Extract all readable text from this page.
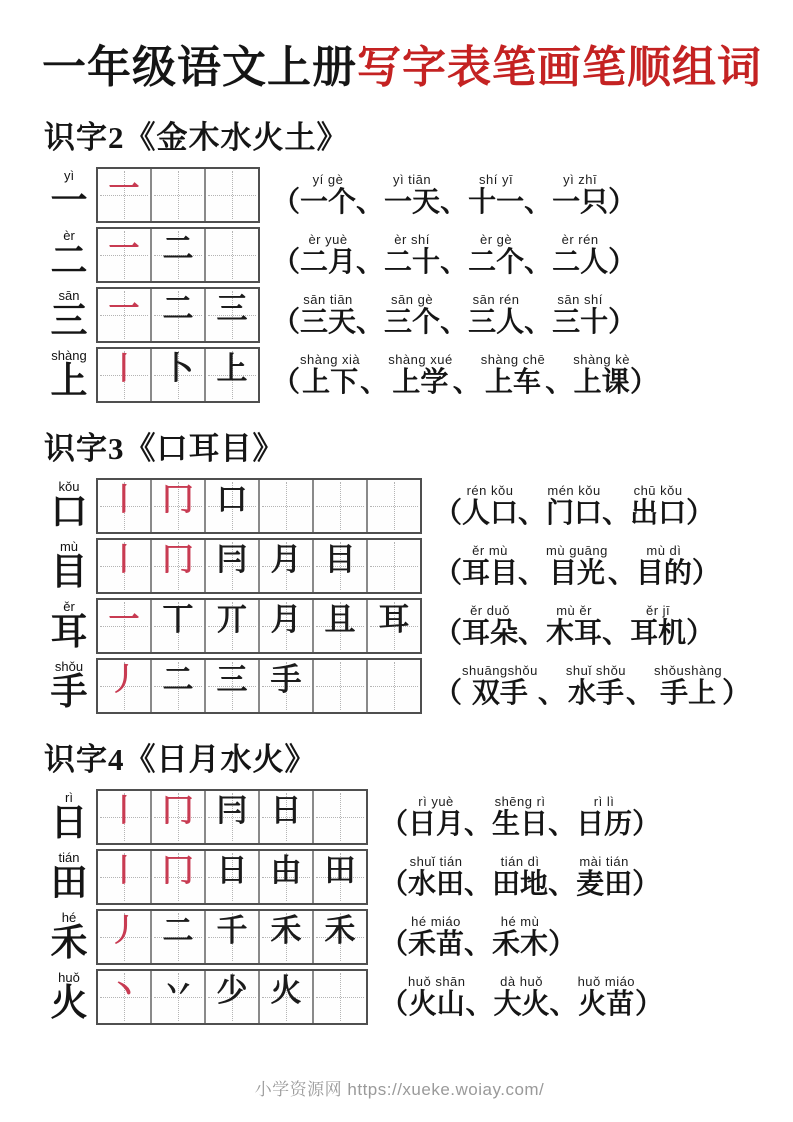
一年级语文上册写字表笔画笔顺组词
识字2《金木水火土》
yì
一 一	（
yí gè
一个 、
yì tiān
一天 、
shí yī
十一 、
yì zhī
一只 ）
èr
二 一 二	（
èr yuè
二月 、
èr shí
二十 、
èr gè
二个 、
èr rén
二人 ）
sān
三 一 二 三 （
sān tiān
三天 、
sān gè
三个 、
sān rén
三人 、
sān shí
三十 ）
shàng
上 丨 卜 上 （
shàng xià
上下 、
shàng xué
上学 、
shàng chē
上车 、
shàng kè
上课 ）
识字3《口耳目》
kǒu
口 丨 冂 口	（
rén kǒu
人口 、
mén kǒu
门口 、
chū kǒu
出口 ）
mù
目 丨 冂 冃 月 目	（
ěr mù
耳目 、
mù guāng
目光 、
mù dì
目的 ）
ěr
耳 一 丅 丌 月 且 耳 （
ěr duǒ
耳朵 、
mù ěr
木耳 、
ěr jī
耳机 ）
shǒu
手 丿 二 三 手	（
shuāngshǒu
双手 、
shuǐ shǒu
水手 、
shǒushàng
手上 ）
识字4《日月水火》
rì
日 丨 冂 冃 日	（
rì yuè
日月 、
shēng rì
生日 、
rì lì
日历 ）
tián
田 丨 冂 日 由 田 （
shuǐ tián
水田 、
tián dì
田地 、
mài tián
麦田 ）
hé
禾 丿 二 千 禾 禾 （
hé miáo
禾苗 、
hé mù
禾木 ）
huǒ
火 丶 丷 少 火	（
huǒ shān
火山 、
dà huǒ
大火 、
huǒ miáo
火苗 ）
小学资源网 https://xueke.woiay.com/
